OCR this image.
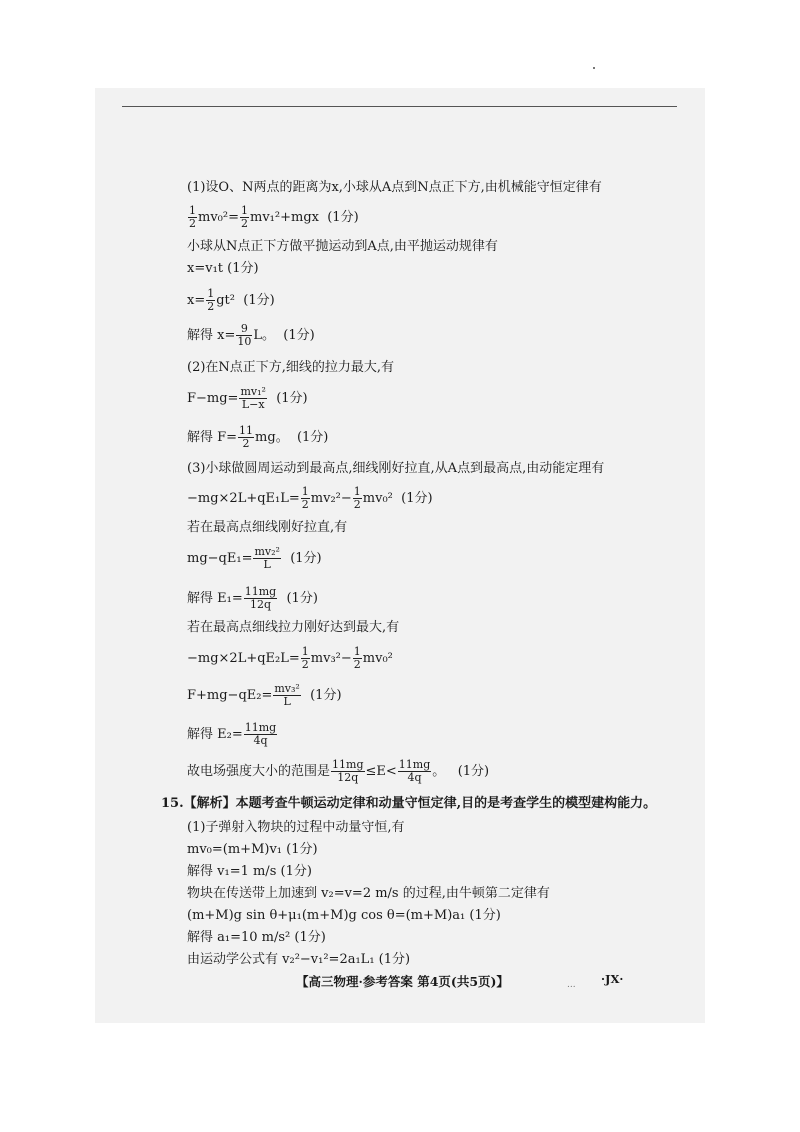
(1)设O、N两点的距离为x,小球从A点到N点正下方,由机械能守恒定律有
$\frac{1}{2} mv_0^2= \frac{1}{2} mv_1^2+mgx$ (1分)
小球从N点正下方做平抛运动到A点,由平抛运动规律有
x=v₁t (1分)
$x= \frac{1}{2} gt^2$ (1分)
解得 $x= \frac{9}{10}$ L。 (1分)
(2)在N点正下方,细线的拉力最大,有
$F-mg= \frac{\text{mv₁²}}{L-x} (1$分)
解得 $F= \frac{11}{2}$ mg。 (1分)
(3)小球做圆周运动到最高点,细线刚好拉直,从A点到最高点,由动能定理有
$-mg\times 2L+qE_1L= \frac{1}{2} mv_2^2- \frac{1}{2} mv_0^2$ (1分)
若在最高点细线刚好拉直,有
$mg-qE_1= \frac{\text{mv₂²}}{L} (1$分)
解得 $E_1= \frac{11mg}{12q} (1$分)
若在最高点细线拉力刚好达到最大,有
$-mg\times 2L+qE_2L= \frac{1}{2} mv_3^2- \frac{1}{2} mv_0^2$
$F+mg-qE_2= \frac{\text{mv₃²}}{L} (1$分)
解得 $E_2= \frac{11mg}{4q}$
故电场强度大小的范围是 $\frac{11mg}{12q} \le E< \frac{11mg}{4q}$ 。 (1分)
15.【解析】本题考查牛顿运动定律和动量守恒定律,目的是考查学生的模型建构能力。
(1)子弹射入物块的过程中动量守恒,有
mv₀=(m+M)v₁ (1分)
解得 v₁=1 m/s (1分)
物块在传送带上加速到 v₂=v=2 m/s 的过程,由牛顿第二定律有
(m+M)g sin θ+μ₁(m+M)g cos θ=(m+M)a₁ (1分)
解得 a₁=10 m/s² (1分)
由运动学公式有 v₂²−v₁²=2a₁L₁ (1分)
【高三物理·参考答案 第4页(共5页)】	... ·JX·
